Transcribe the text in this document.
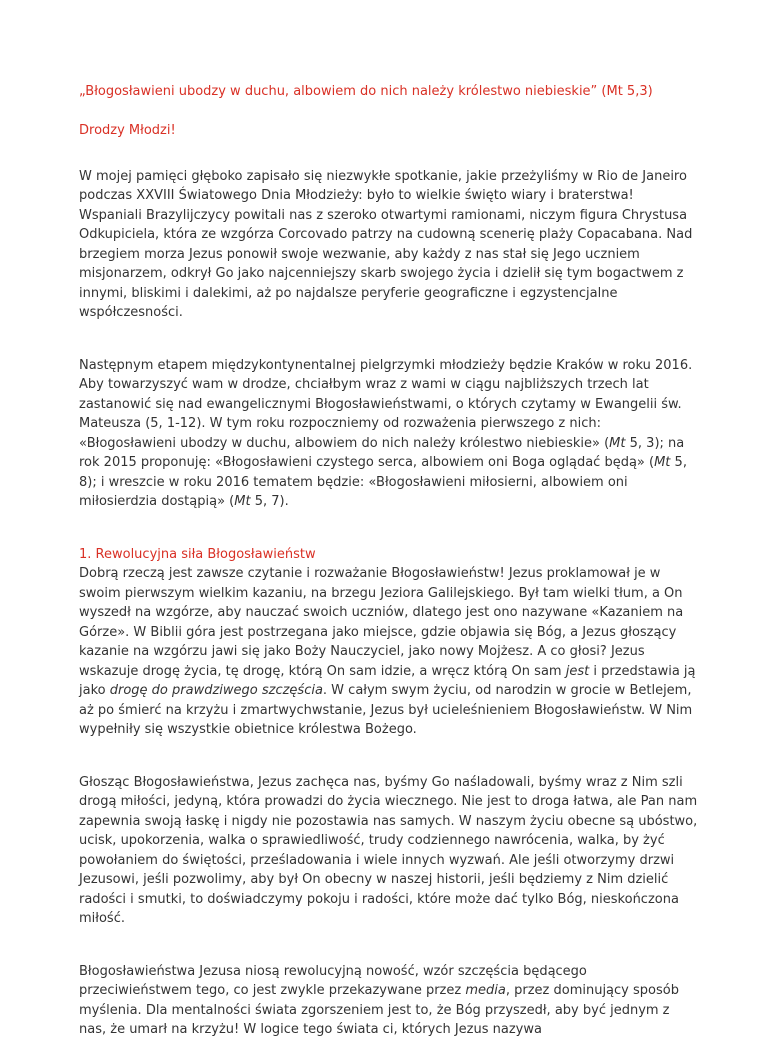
„Błogosławieni ubodzy w duchu, albowiem do nich należy królestwo niebieskie” (Mt 5,3)

Drodzy Młodzi!

W mojej pamięci głęboko zapisało się niezwykłe spotkanie, jakie przeżyliśmy w Rio de Janeiro podczas XXVIII Światowego Dnia Młodzieży: było to wielkie święto wiary i braterstwa! Wspaniali Brazylijczycy powitali nas z szeroko otwartymi ramionami, niczym figura Chrystusa Odkupiciela, która ze wzgórza Corcovado patrzy na cudowną scenerię plaży Copacabana. Nad brzegiem morza Jezus ponowił swoje wezwanie, aby każdy z nas stał się Jego uczniem misjonarzem, odkrył Go jako najcenniejszy skarb swojego życia i dzielił się tym bogactwem z innymi, bliskimi i dalekimi, aż po najdalsze peryferie geograficzne i egzystencjalne współczesności.

Następnym etapem międzykontynentalnej pielgrzymki młodzieży będzie Kraków w roku 2016. Aby towarzyszyć wam w drodze, chciałbym wraz z wami w ciągu najbliższych trzech lat zastanowić się nad ewangelicznymi Błogosławieństwami, o których czytamy w Ewangelii św. Mateusza (5, 1-12). W tym roku rozpoczniemy od rozważenia pierwszego z nich: «Błogosławieni ubodzy w duchu, albowiem do nich należy królestwo niebieskie» (Mt 5, 3); na rok 2015 proponuję: «Błogosławieni czystego serca, albowiem oni Boga oglądać będą» (Mt 5, 8); i wreszcie w roku 2016 tematem będzie: «Błogosławieni miłosierni, albowiem oni miłosierdzia dostąpią» (Mt 5, 7).

1. Rewolucyjna siła Błogosławieństw

Dobrą rzeczą jest zawsze czytanie i rozważanie Błogosławieństw! Jezus proklamował je w swoim pierwszym wielkim kazaniu, na brzegu Jeziora Galilejskiego. Był tam wielki tłum, a On wyszedł na wzgórze, aby nauczać swoich uczniów, dlatego jest ono nazywane «Kazaniem na Górze». W Biblii góra jest postrzegana jako miejsce, gdzie objawia się Bóg, a Jezus głoszący kazanie na wzgórzu jawi się jako Boży Nauczyciel, jako nowy Mojżesz. A co głosi? Jezus wskazuje drogę życia, tę drogę, którą On sam idzie, a wręcz którą On sam jest i przedstawia ją jako drogę do prawdziwego szczęścia. W całym swym życiu, od narodzin w grocie w Betlejem, aż po śmierć na krzyżu i zmartwychwstanie, Jezus był ucieleśnieniem Błogosławieństw. W Nim wypełniły się wszystkie obietnice królestwa Bożego.

Głosząc Błogosławieństwa, Jezus zachęca nas, byśmy Go naśladowali, byśmy wraz z Nim szli drogą miłości, jedyną, która prowadzi do życia wiecznego. Nie jest to droga łatwa, ale Pan nam zapewnia swoją łaskę i nigdy nie pozostawia nas samych. W naszym życiu obecne są ubóstwo, ucisk, upokorzenia, walka o sprawiedliwość, trudy codziennego nawrócenia, walka, by żyć powołaniem do świętości, prześladowania i wiele innych wyzwań. Ale jeśli otworzymy drzwi Jezusowi, jeśli pozwolimy, aby był On obecny w naszej historii, jeśli będziemy z Nim dzielić radości i smutki, to doświadczymy pokoju i radości, które może dać tylko Bóg, nieskończona miłość.

Błogosławieństwa Jezusa niosą rewolucyjną nowość, wzór szczęścia będącego przeciwieństwem tego, co jest zwykle przekazywane przez media, przez dominujący sposób myślenia. Dla mentalności świata zgorszeniem jest to, że Bóg przyszedł, aby być jednym z nas, że umarł na krzyżu! W logice tego świata ci, których Jezus nazywa
